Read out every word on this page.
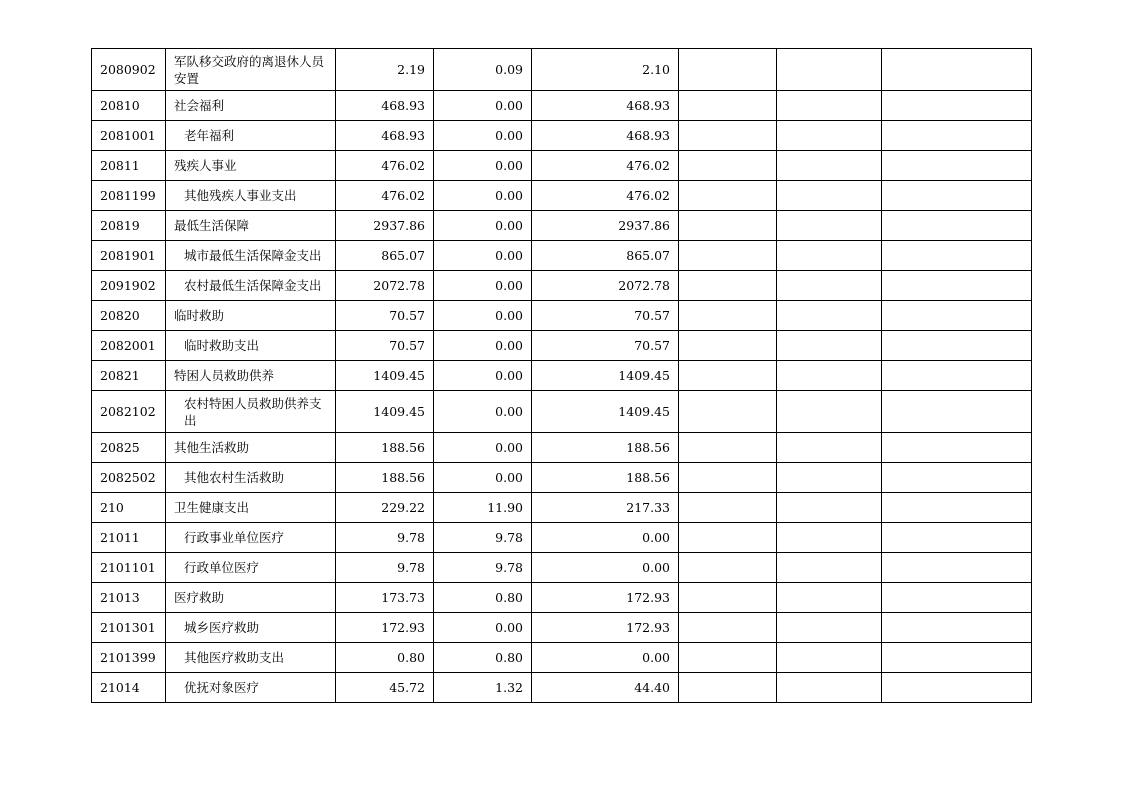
2080902	军队移交政府的离退休人员安置	2.19	0.09	2.10			
20810	社会福利	468.93	0.00	468.93			
2081001	老年福利	468.93	0.00	468.93			
20811	残疾人事业	476.02	0.00	476.02			
2081199	其他残疾人事业支出	476.02	0.00	476.02			
20819	最低生活保障	2937.86	0.00	2937.86			
2081901	城市最低生活保障金支出	865.07	0.00	865.07			
2091902	农村最低生活保障金支出	2072.78	0.00	2072.78			
20820	临时救助	70.57	0.00	70.57			
2082001	临时救助支出	70.57	0.00	70.57			
20821	特困人员救助供养	1409.45	0.00	1409.45			
2082102	农村特困人员救助供养支出	1409.45	0.00	1409.45			
20825	其他生活救助	188.56	0.00	188.56			
2082502	其他农村生活救助	188.56	0.00	188.56			
210	卫生健康支出	229.22	11.90	217.33			
21011	行政事业单位医疗	9.78	9.78	0.00			
2101101	行政单位医疗	9.78	9.78	0.00			
21013	医疗救助	173.73	0.80	172.93			
2101301	城乡医疗救助	172.93	0.00	172.93			
2101399	其他医疗救助支出	0.80	0.80	0.00			
21014	优抚对象医疗	45.72	1.32	44.40			
